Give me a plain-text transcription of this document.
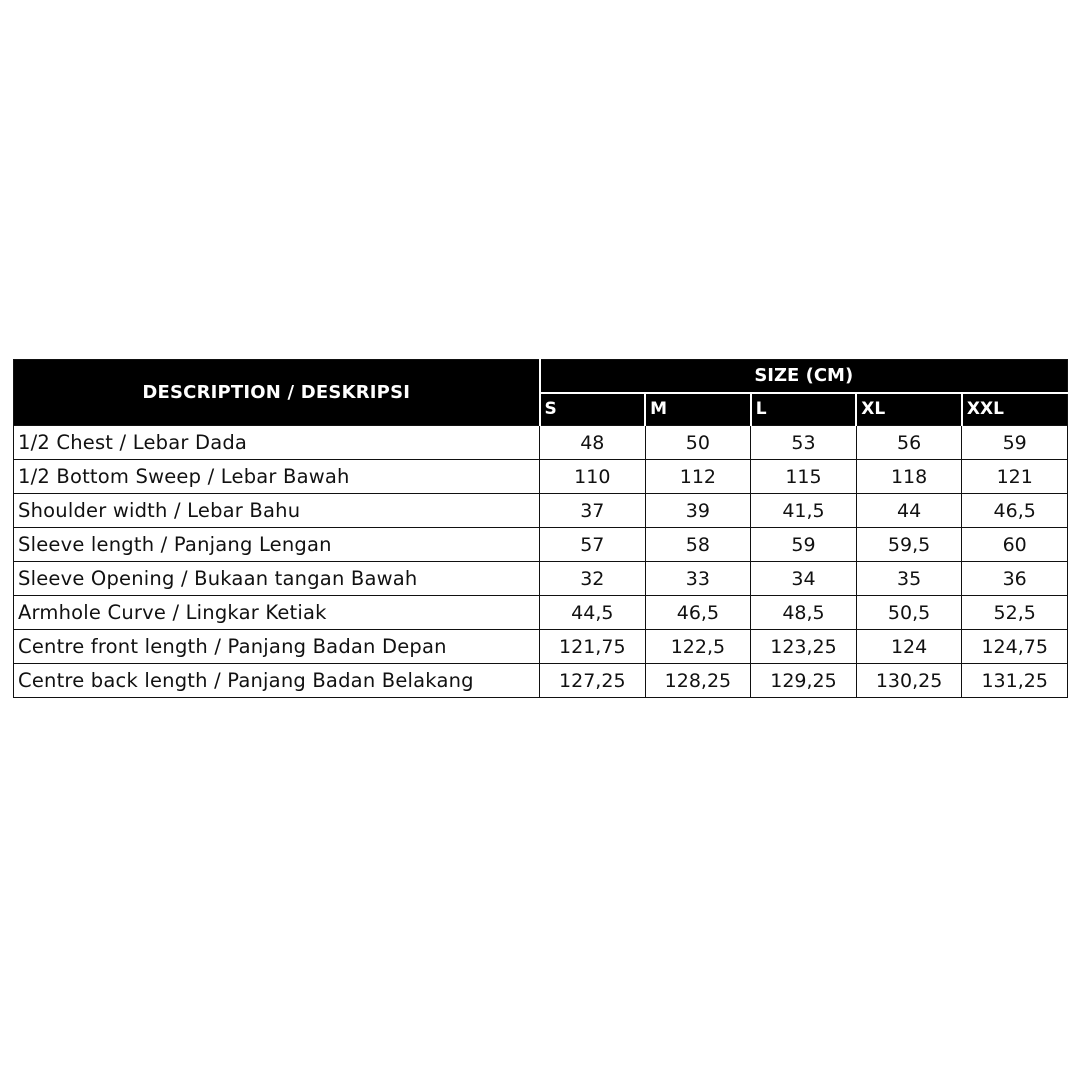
DESCRIPTION / DESKRIPSI	SIZE (CM)				
	S	M	L	XL	XXL
1/2 Chest / Lebar Dada	48	50	53	56	59
1/2 Bottom Sweep / Lebar Bawah	110	112	115	118	121
Shoulder width / Lebar Bahu	37	39	41,5	44	46,5
Sleeve length / Panjang Lengan	57	58	59	59,5	60
Sleeve Opening / Bukaan tangan Bawah	32	33	34	35	36
Armhole Curve / Lingkar Ketiak	44,5	46,5	48,5	50,5	52,5
Centre front length / Panjang Badan Depan	121,75	122,5	123,25	124	124,75
Centre back length / Panjang Badan Belakang	127,25	128,25	129,25	130,25	131,25
